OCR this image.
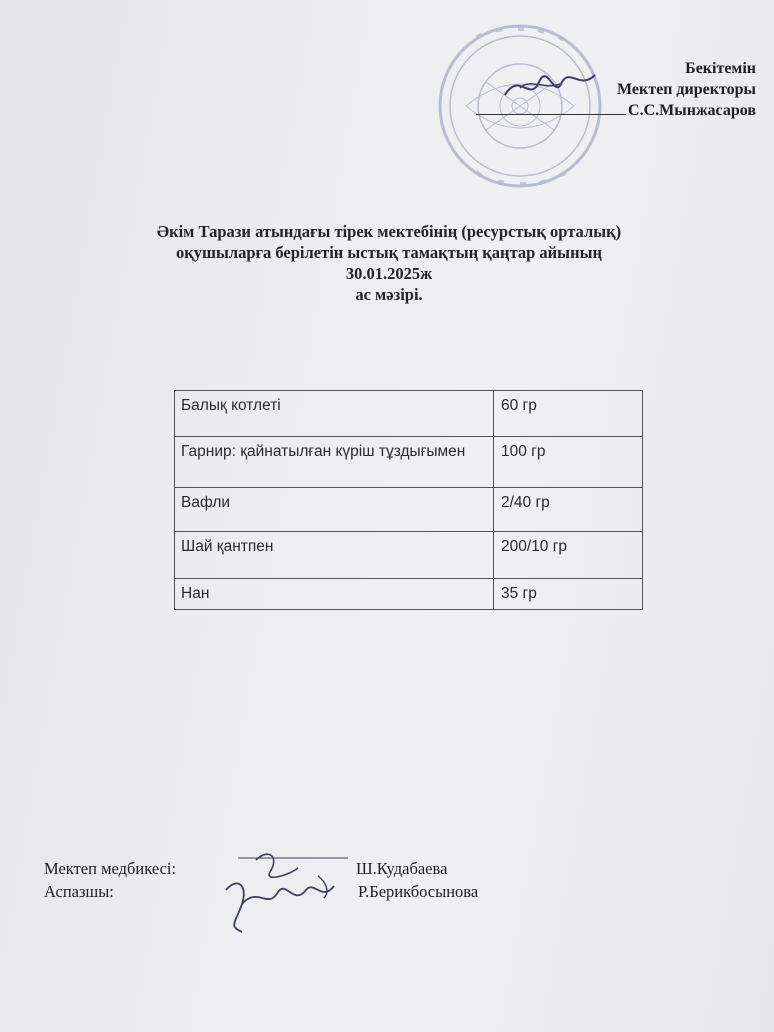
Бекітемін
Мектеп директоры
С.С.Мынжасаров
Әкім Тарази атындағы тірек мектебінің (ресурстық орталық)
оқушыларға берілетін ыстық тамақтың қаңтар айының
30.01.2025ж
ас мәзірі.
Балық котлеті	60 гр
Гарнир: қайнатылған күріш тұздығымен	100 гр
Вафли	2/40 гр
Шай қантпен	200/10 гр
Нан	35 гр
Мектеп медбикесі:	Ш.Кудабаева
Аспазшы:	Р.Берикбосынова
